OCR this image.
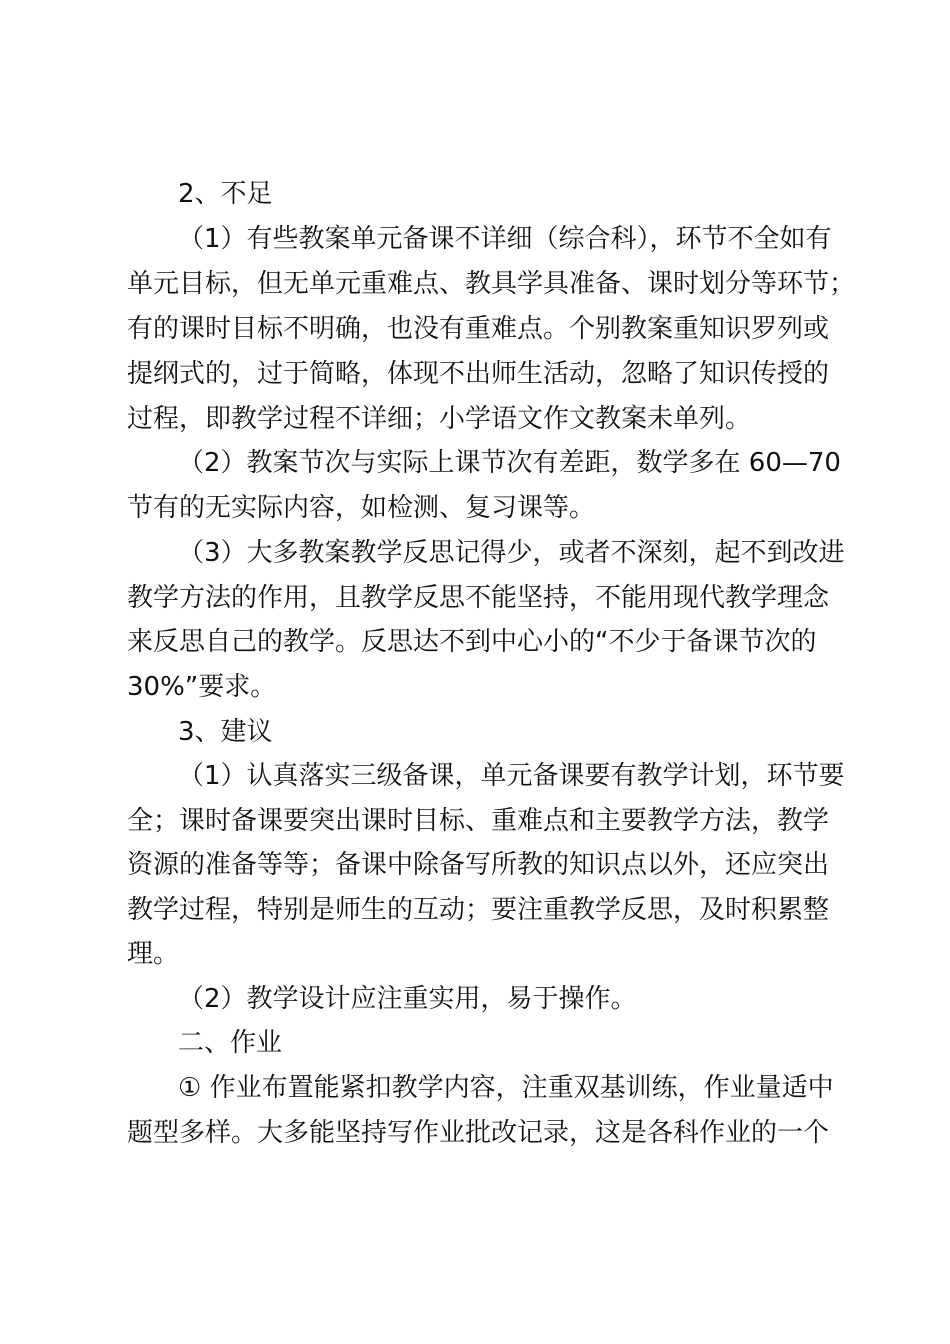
2、不足
（1）有些教案单元备课不详细（综合科），环节不全如有
单元目标，但无单元重难点、教具学具准备、课时划分等环节；
有的课时目标不明确，也没有重难点。个别教案重知识罗列或
提纲式的，过于简略，体现不出师生活动，忽略了知识传授的
过程，即教学过程不详细；小学语文作文教案未单列。
（2）教案节次与实际上课节次有差距，数学多在 60—70
节有的无实际内容，如检测、复习课等。
（3）大多教案教学反思记得少，或者不深刻，起不到改进
教学方法的作用，且教学反思不能坚持，不能用现代教学理念
来反思自己的教学。反思达不到中心小的“不少于备课节次的
30%”要求。
3、建议
（1）认真落实三级备课，单元备课要有教学计划，环节要
全；课时备课要突出课时目标、重难点和主要教学方法，教学
资源的准备等等；备课中除备写所教的知识点以外，还应突出
教学过程，特别是师生的互动；要注重教学反思，及时积累整
理。
（2）教学设计应注重实用，易于操作。
二、作业
① 作业布置能紧扣教学内容，注重双基训练，作业量适中
题型多样。大多能坚持写作业批改记录，这是各科作业的一个
